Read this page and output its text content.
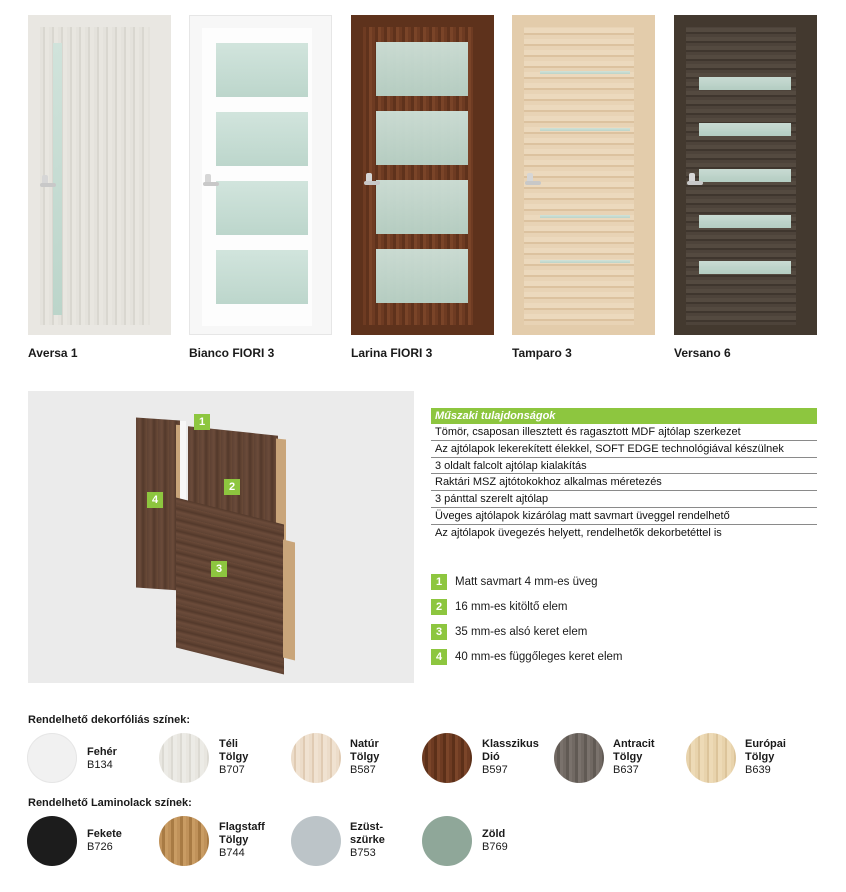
Aversa 1	Bianco FIORI 3	Larina FIORI 3	Tamparo 3	Versano 6
1
2
3
4
Műszaki tulajdonságok
Tömör, csaposan illesztett és ragasztott MDF ajtólap szerkezet
Az ajtólapok lekerekített élekkel, SOFT EDGE technológiával készülnek
3 oldalt falcolt ajtólap kialakítás
Raktári MSZ ajtótokokhoz alkalmas méretezés
3 pánttal szerelt ajtólap
Üveges ajtólapok kizárólag matt savmart üveggel rendelhető
Az ajtólapok üvegezés helyett, rendelhetők dekorbetéttel is
1	Matt savmart 4 mm-es üveg
2	16 mm-es kitöltő elem
3	35 mm-es alsó keret elem
4	40 mm-es függőleges keret elem
Rendelhető dekorfóliás színek:
Fehér
B134
Téli
Tölgy
B707
Natúr
Tölgy
B587
Klasszikus
Dió
B597
Antracit
Tölgy
B637
Európai
Tölgy
B639
Rendelhető Laminolack színek:
Fekete
B726
Flagstaff
Tölgy
B744
Ezüst-
szürke
B753
Zöld
B769
